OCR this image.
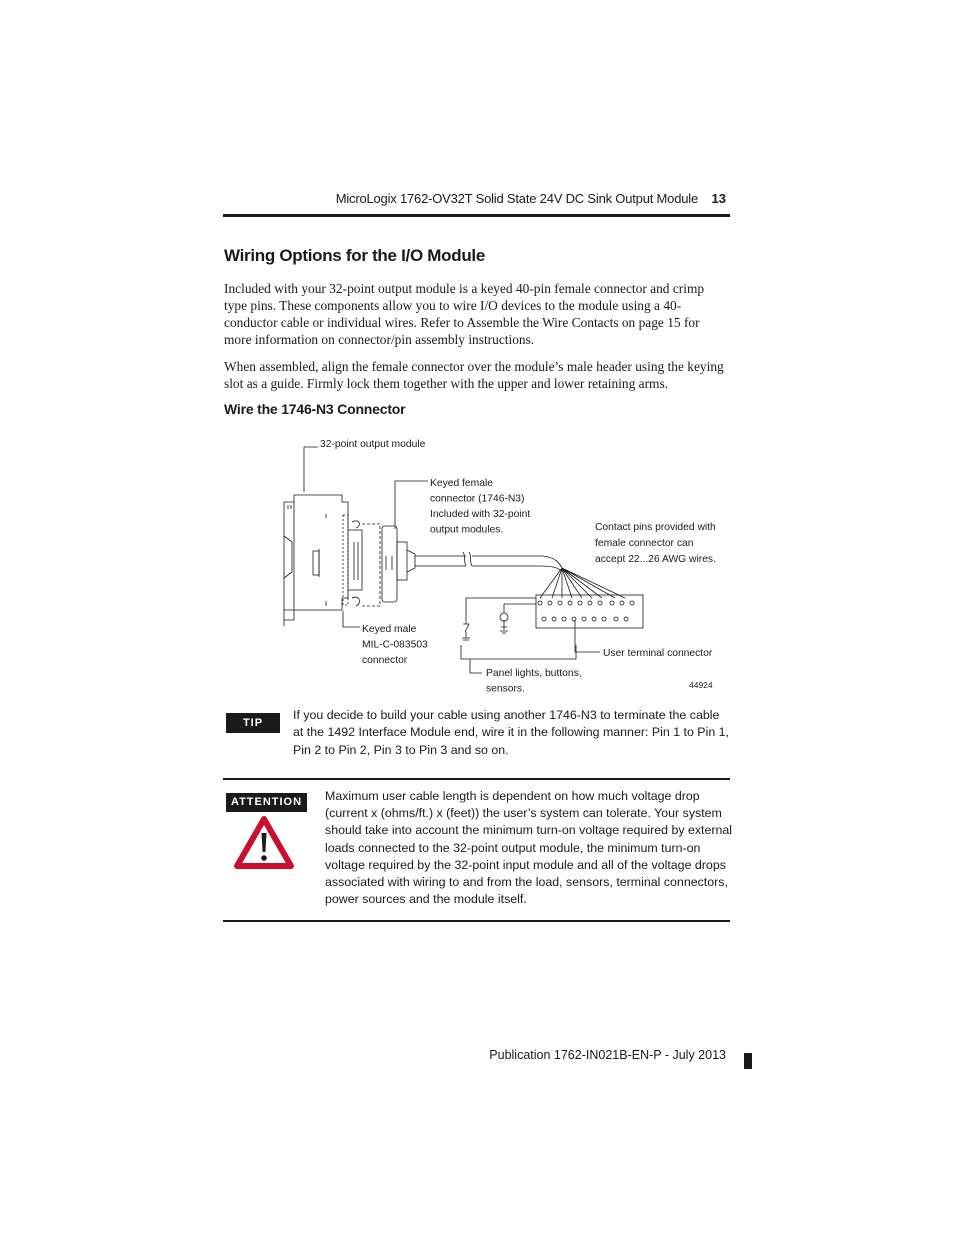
MicroLogix 1762-OV32T Solid State 24V DC Sink Output Module 13
Wiring Options for the I/O Module
Included with your 32-point output module is a keyed 40-pin female connector and crimp type pins. These components allow you to wire I/O devices to the module using a 40-conductor cable or individual wires. Refer to Assemble the Wire Contacts on page 15 for more information on connector/pin assembly instructions.
When assembled, align the female connector over the module’s male header using the keying slot as a guide. Firmly lock them together with the upper and lower retaining arms.
Wire the 1746-N3 Connector
32-point output module
Keyed female
connector (1746-N3)
Included with 32-point
output modules.	Contact pins provided with
female connector can
accept 22...26 AWG wires.
Keyed male
MIL-C-083503
connector
User terminal connector
Panel lights, buttons,
sensors.	44924
TIP
If you decide to build your cable using another 1746-N3 to terminate the cable at the 1492 Interface Module end, wire it in the following manner: Pin 1 to Pin 1, Pin 2 to Pin 2, Pin 3 to Pin 3 and so on.
ATTENTION	Maximum user cable length is dependent on how much voltage drop (current x (ohms/ft.) x (feet)) the user’s system can tolerate. Your system should take into account the minimum turn-on voltage required by external loads connected to the 32-point output module, the minimum turn-on voltage required by the 32-point input module and all of the voltage drops associated with wiring to and from the load, sensors, terminal connectors, power sources and the module itself.
Publication 1762-IN021B-EN-P - July 2013
